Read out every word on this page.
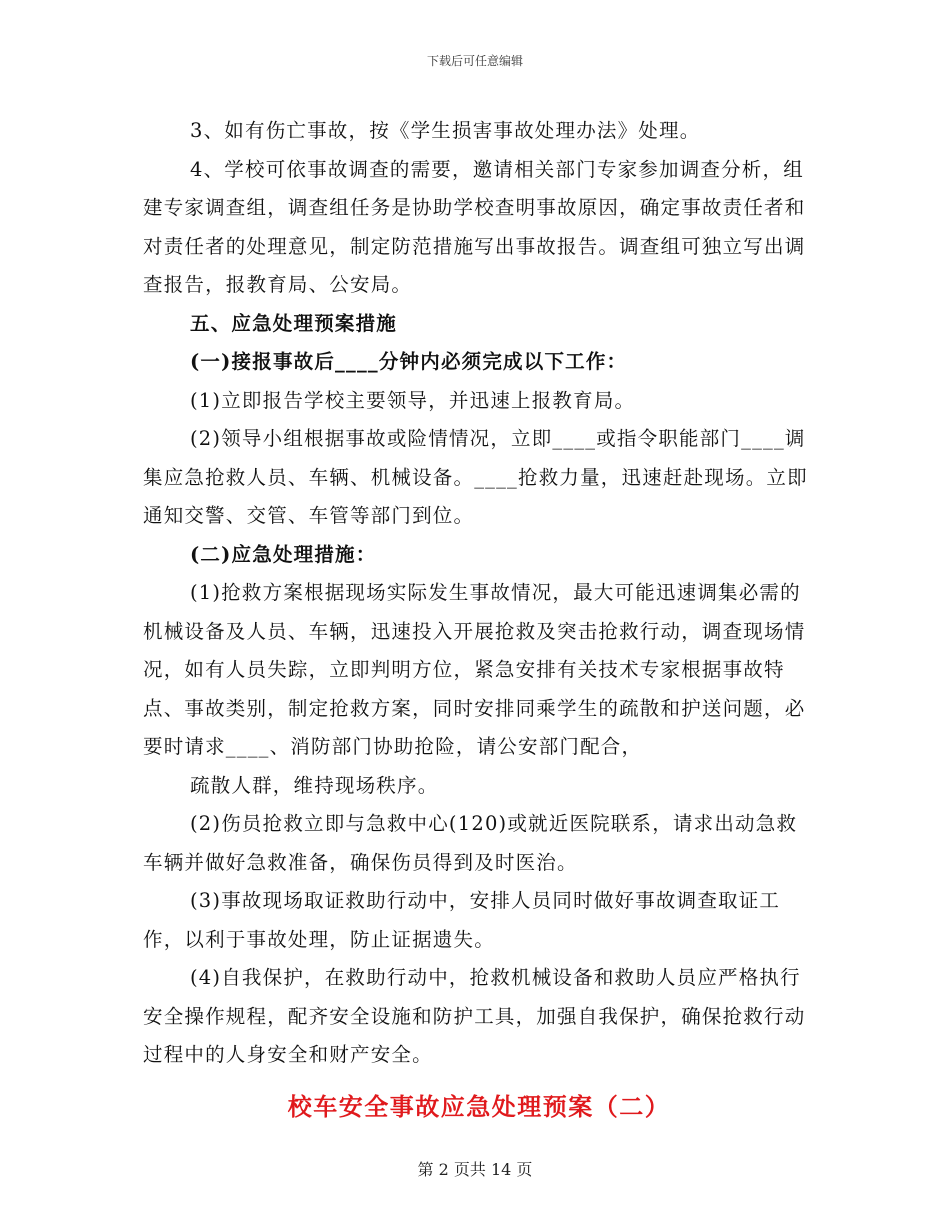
下载后可任意编辑

3、如有伤亡事故，按《学生损害事故处理办法》处理。

4、学校可依事故调查的需要，邀请相关部门专家参加调查分析，组建专家调查组，调查组任务是协助学校查明事故原因，确定事故责任者和对责任者的处理意见，制定防范措施写出事故报告。调查组可独立写出调查报告，报教育局、公安局。

五、应急处理预案措施

(一)接报事故后____分钟内必须完成以下工作：

(1)立即报告学校主要领导，并迅速上报教育局。

(2)领导小组根据事故或险情情况，立即____或指令职能部门____调集应急抢救人员、车辆、机械设备。____抢救力量，迅速赶赴现场。立即通知交警、交管、车管等部门到位。

(二)应急处理措施：

(1)抢救方案根据现场实际发生事故情况，最大可能迅速调集必需的机械设备及人员、车辆，迅速投入开展抢救及突击抢救行动，调查现场情况，如有人员失踪，立即判明方位，紧急安排有关技术专家根据事故特点、事故类别，制定抢救方案，同时安排同乘学生的疏散和护送问题，必要时请求____、消防部门协助抢险，请公安部门配合，

疏散人群，维持现场秩序。

(2)伤员抢救立即与急救中心(120)或就近医院联系，请求出动急救车辆并做好急救准备，确保伤员得到及时医治。

(3)事故现场取证救助行动中，安排人员同时做好事故调查取证工作，以利于事故处理，防止证据遗失。

(4)自我保护，在救助行动中，抢救机械设备和救助人员应严格执行安全操作规程，配齐安全设施和防护工具，加强自我保护，确保抢救行动过程中的人身安全和财产安全。

校车安全事故应急处理预案（二）
第 2 页共 14 页
